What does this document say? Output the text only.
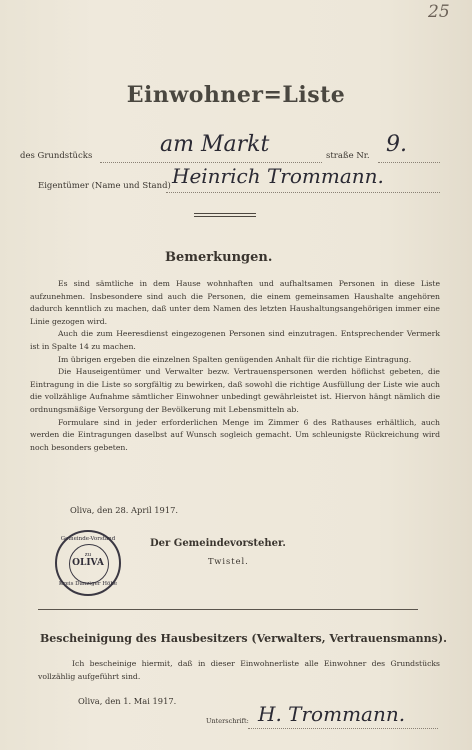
25
Einwohner=Liste
des Grundstücks	am Markt	straße Nr. 9.
Eigentümer (Name und Stand) Heinrich Trommann.
Bemerkungen.

Es sind sämtliche in dem Hause wohnhaften und aufhaltsamen Personen in diese Liste aufzunehmen. Insbesondere sind auch die Personen, die einem gemeinsamen Haushalte angehören dadurch kenntlich zu machen, daß unter dem Namen des letzten Haushaltungsangehörigen immer eine Linie gezogen wird.

Auch die zum Heeresdienst eingezogenen Personen sind einzutragen. Entsprechender Vermerk ist in Spalte 14 zu machen.

Im übrigen ergeben die einzelnen Spalten genügenden Anhalt für die richtige Eintragung.

Die Hauseigentümer und Verwalter bezw. Vertrauenspersonen werden höflichst gebeten, die Eintragung in die Liste so sorgfältig zu bewirken, daß sowohl die richtige Ausfüllung der Liste wie auch die vollzählige Aufnahme sämtlicher Einwohner unbedingt gewährleistet ist. Hiervon hängt nämlich die ordnungsmäßige Versorgung der Bevölkerung mit Lebensmitteln ab.

Formulare sind in jeder erforderlichen Menge im Zimmer 6 des Rathauses erhältlich, auch werden die Eintragungen daselbst auf Wunsch sogleich gemacht. Um schleunigste Rückreichung wird noch besonders gebeten.

Oliva, den 28. April 1917.
Gemeinde-Vorstand
zu
OLIVA
Kreis Danziger Höhe
Der Gemeindevorsteher.
Twistel.
Bescheinigung des Hausbesitzers (Verwalters, Vertrauensmanns).
Ich bescheinige hiermit, daß in dieser Einwohnerliste alle Einwohner des Grundstücks vollzählig aufgeführt sind.
Oliva, den 1. Mai 1917.
Unterschrift: H. Trommann.
